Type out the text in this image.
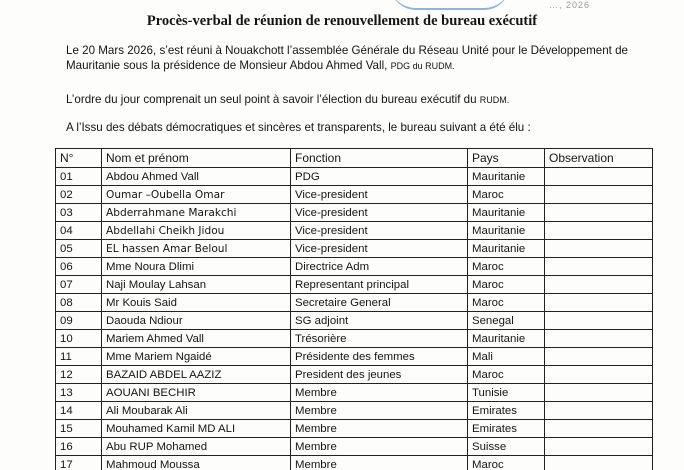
…, 2026
Procès-verbal de réunion de renouvellement de bureau exécutif
Le 20 Mars 2026, s’est réuni à Nouakchott l’assemblée Générale du Réseau Unité pour le Développement de Mauritanie sous la présidence de Monsieur Abdou Ahmed Vall, PDG du RUDM.
L’ordre du jour comprenait un seul point à savoir l’élection du bureau exécutif du RUDM.
A l’Issu des débats démocratiques et sincères et transparents, le bureau suivant a été élu :
N°	Nom et prénom	Fonction	Pays	Observation
01	Abdou Ahmed Vall	PDG	Mauritanie	
02	Oumar –Oubella Omar	Vice-president	Maroc	
03	Abderrahmane Marakchi	Vice-president	Mauritanie	
04	Abdellahi Cheikh Jidou	Vice-president	Mauritanie	
05	EL hassen Amar Beloul	Vice-president	Mauritanie	
06	Mme Noura Dlimi	Directrice Adm	Maroc	
07	Naji Moulay Lahsan	Representant principal	Maroc	
08	Mr Kouis Said	Secretaire General	Maroc	
09	Daouda Ndiour	SG adjoint	Senegal	
10	Mariem Ahmed Vall	Trésorière	Mauritanie	
11	Mme Mariem Ngaidé	Présidente des femmes	Mali	
12	BAZAID ABDEL AAZIZ	President des jeunes	Maroc	
13	AOUANI BECHIR	Membre	Tunisie	
14	Ali Moubarak Ali	Membre	Emirates	
15	Mouhamed Kamil MD ALI	Membre	Emirates	
16	Abu RUP Mohamed	Membre	Suisse	
17	Mahmoud Moussa	Membre	Maroc	
